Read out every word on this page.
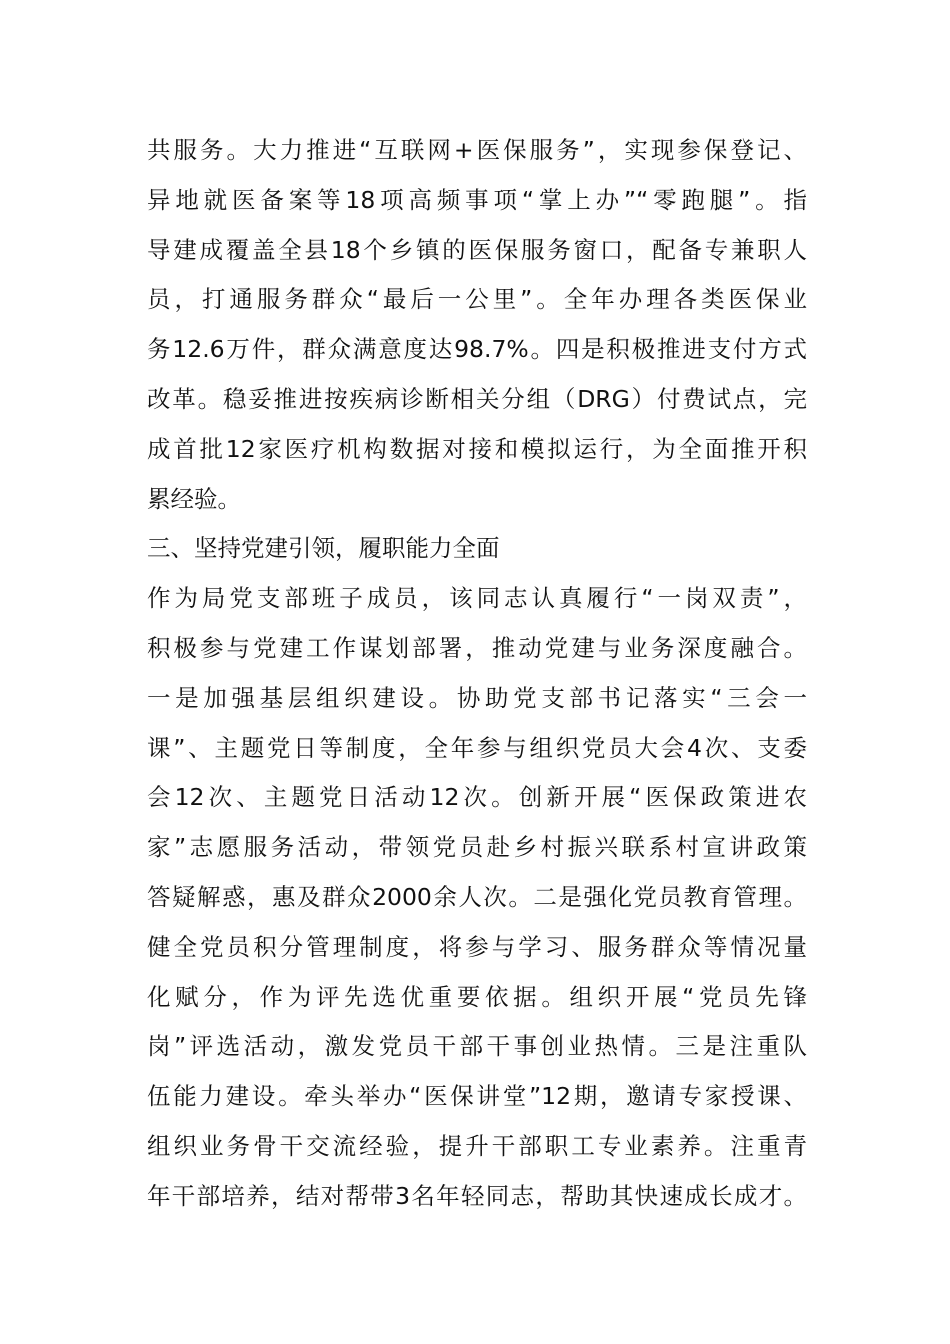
共服务。大力推进“互联网+医保服务”，实现参保登记、
异地就医备案等18项高频事项“掌上办”“零跑腿”。指
导建成覆盖全县18个乡镇的医保服务窗口，配备专兼职人
员，打通服务群众“最后一公里”。全年办理各类医保业
务12.6万件，群众满意度达98.7%。四是积极推进支付方式
改革。稳妥推进按疾病诊断相关分组（DRG）付费试点，完
成首批12家医疗机构数据对接和模拟运行，为全面推开积
累经验。
三、坚持党建引领，履职能力全面
作为局党支部班子成员，该同志认真履行“一岗双责”，
积极参与党建工作谋划部署，推动党建与业务深度融合。
一是加强基层组织建设。协助党支部书记落实“三会一
课”、主题党日等制度，全年参与组织党员大会4次、支委
会12次、主题党日活动12次。创新开展“医保政策进农
家”志愿服务活动，带领党员赴乡村振兴联系村宣讲政策
答疑解惑，惠及群众2000余人次。二是强化党员教育管理。
健全党员积分管理制度，将参与学习、服务群众等情况量
化赋分，作为评先选优重要依据。组织开展“党员先锋
岗”评选活动，激发党员干部干事创业热情。三是注重队
伍能力建设。牵头举办“医保讲堂”12期，邀请专家授课、
组织业务骨干交流经验，提升干部职工专业素养。注重青
年干部培养，结对帮带3名年轻同志，帮助其快速成长成才。
